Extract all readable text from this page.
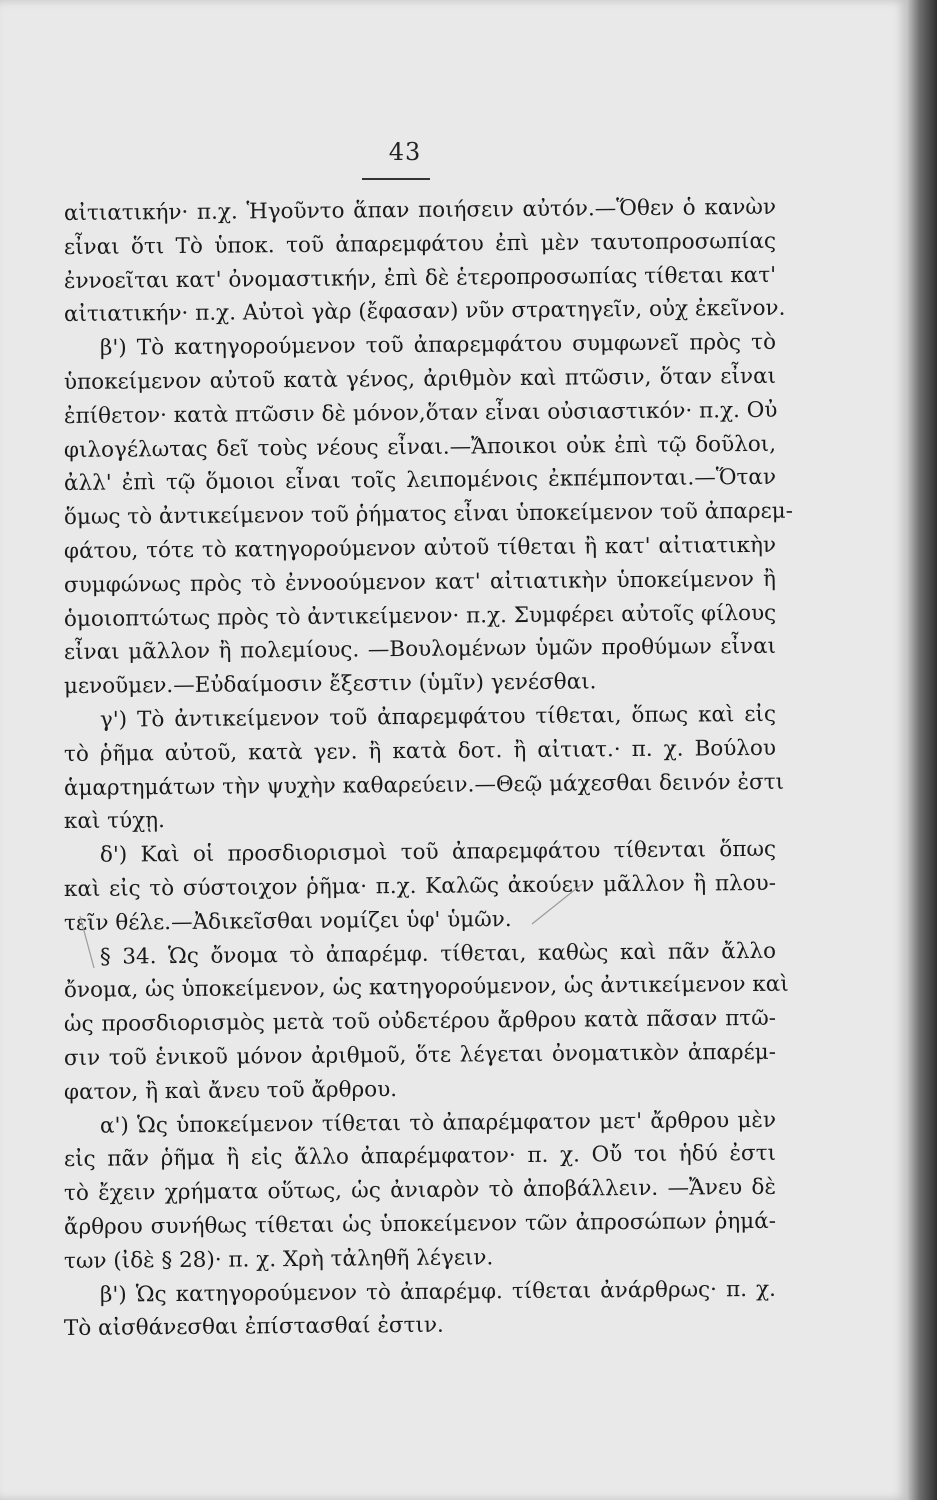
43
αἰτιατικήν· π.χ. Ἡγοῦντο ἅπαν ποιήσειν αὐτόν.—Ὅθεν ὁ κανὼν
εἶναι ὅτι Τὸ ὑποκ. τοῦ ἀπαρεμφάτου ἐπὶ μὲν ταυτοπροσωπίας
ἐννοεῖται κατ' ὀνομαστικήν, ἐπὶ δὲ ἑτεροπροσωπίας τίθεται κατ'
αἰτιατικήν· π.χ. Αὐτοὶ γὰρ (ἔφασαν) νῦν στρατηγεῖν, οὐχ ἐκεῖνον.
β') Τὸ κατηγορούμενον τοῦ ἀπαρεμφάτου συμφωνεῖ πρὸς τὸ
ὑποκείμενον αὐτοῦ κατὰ γένος, ἀριθμὸν καὶ πτῶσιν, ὅταν εἶναι
ἐπίθετον· κατὰ πτῶσιν δὲ μόνον,ὅταν εἶναι οὐσιαστικόν· π.χ. Οὐ
φιλογέλωτας δεῖ τοὺς νέους εἶναι.—Ἄποικοι οὐκ ἐπὶ τῷ δοῦλοι,
ἀλλ' ἐπὶ τῷ ὅμοιοι εἶναι τοῖς λειπομένοις ἐκπέμπονται.—Ὅταν
ὅμως τὸ ἀντικείμενον τοῦ ῥήματος εἶναι ὑποκείμενον τοῦ ἀπαρεμ-
φάτου, τότε τὸ κατηγορούμενον αὐτοῦ τίθεται ἢ κατ' αἰτιατικὴν
συμφώνως πρὸς τὸ ἐννοούμενον κατ' αἰτιατικὴν ὑποκείμενον ἢ
ὁμοιοπτώτως πρὸς τὸ ἀντικείμενον· π.χ. Συμφέρει αὐτοῖς φίλους
εἶναι μᾶλλον ἢ πολεμίους. —Βουλομένων ὑμῶν προθύμων εἶναι
μενοῦμεν.—Εὐδαίμοσιν ἔξεστιν (ὑμῖν) γενέσθαι.
γ') Τὸ ἀντικείμενον τοῦ ἀπαρεμφάτου τίθεται, ὅπως καὶ εἰς
τὸ ῥῆμα αὐτοῦ, κατὰ γεν. ἢ κατὰ δοτ. ἢ αἰτιατ.· π. χ. Βούλου
ἁμαρτημάτων τὴν ψυχὴν καθαρεύειν.—Θεῷ μάχεσθαι δεινόν ἐστι
καὶ τύχῃ.
δ') Καὶ οἱ προσδιορισμοὶ τοῦ ἀπαρεμφάτου τίθενται ὅπως
καὶ εἰς τὸ σύστοιχον ῥῆμα· π.χ. Καλῶς ἀκούειν μᾶλλον ἢ πλου-
τεῖν θέλε.—Ἀδικεῖσθαι νομίζει ὑφ' ὑμῶν.
§ 34. Ὡς ὄνομα τὸ ἀπαρέμφ. τίθεται, καθὼς καὶ πᾶν ἄλλο
ὄνομα, ὡς ὑποκείμενον, ὡς κατηγορούμενον, ὡς ἀντικείμενον καὶ
ὡς προσδιορισμὸς μετὰ τοῦ οὐδετέρου ἄρθρου κατὰ πᾶσαν πτῶ-
σιν τοῦ ἑνικοῦ μόνον ἀριθμοῦ, ὅτε λέγεται ὀνοματικὸν ἀπαρέμ-
φατον, ἢ καὶ ἄνευ τοῦ ἄρθρου.
α') Ὡς ὑποκείμενον τίθεται τὸ ἀπαρέμφατον μετ' ἄρθρου μὲν
εἰς πᾶν ῥῆμα ἢ εἰς ἄλλο ἀπαρέμφατον· π. χ. Οὔ τοι ἡδύ ἐστι
τὸ ἔχειν χρήματα οὕτως, ὡς ἀνιαρὸν τὸ ἀποβάλλειν. —Ἄνευ δὲ
ἄρθρου συνήθως τίθεται ὡς ὑποκείμενον τῶν ἀπροσώπων ῥημά-
των (ἰδὲ § 28)· π. χ. Χρὴ τἀληθῆ λέγειν.
β') Ὡς κατηγορούμενον τὸ ἀπαρέμφ. τίθεται ἀνάρθρως· π. χ.
Τὸ αἰσθάνεσθαι ἐπίστασθαί ἐστιν.
